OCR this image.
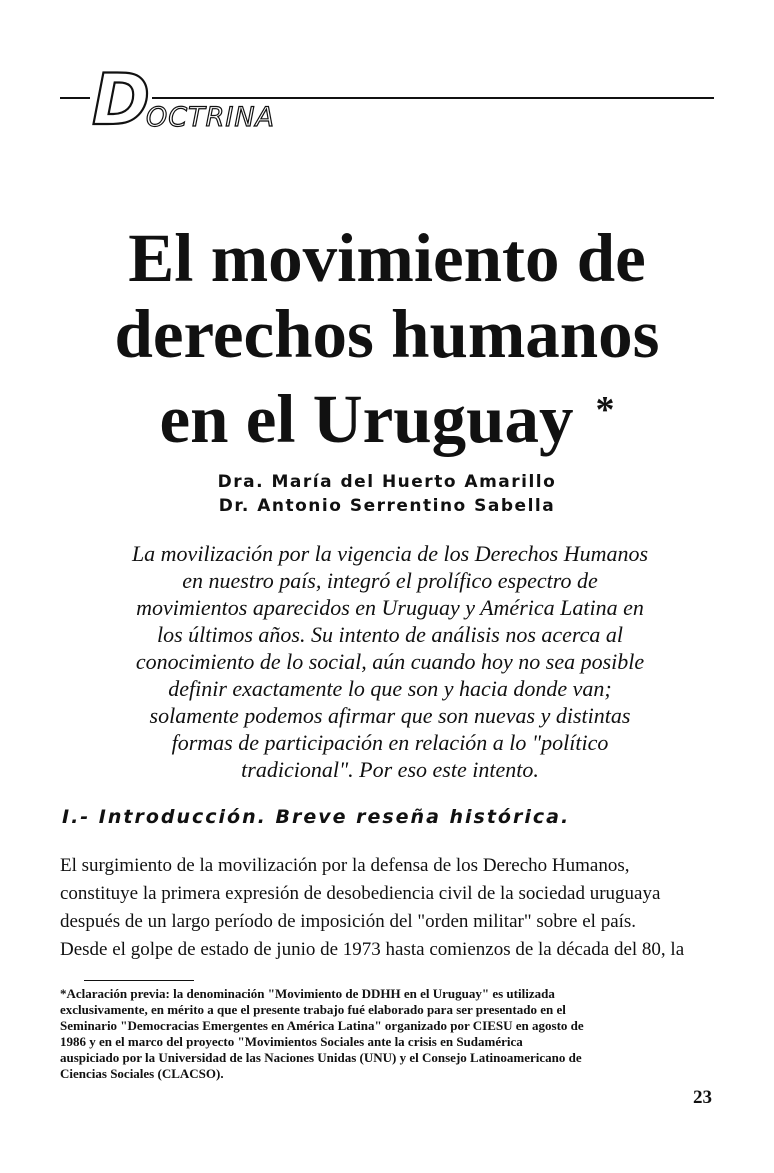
D
OCTRINA
El movimiento de
derechos humanos
en el Uruguay *
Dra. María del Huerto Amarillo
Dr. Antonio Serrentino Sabella
La movilización por la vigencia de los Derechos Humanos
en nuestro país, integró el prolífico espectro de
movimientos aparecidos en Uruguay y América Latina en
los últimos años. Su intento de análisis nos acerca al
conocimiento de lo social, aún cuando hoy no sea posible
definir exactamente lo que son y hacia donde van;
solamente podemos afirmar que son nuevas y distintas
formas de participación en relación a lo "político
tradicional". Por eso este intento.
I.- Introducción. Breve reseña histórica.
El surgimiento de la movilización por la defensa de los Derecho Humanos,
constituye la primera expresión de desobediencia civil de la sociedad uruguaya
después de un largo período de imposición del "orden militar" sobre el país.
Desde el golpe de estado de junio de 1973 hasta comienzos de la década del 80, la
*Aclaración previa: la denominación "Movimiento de DDHH en el Uruguay" es utilizada
exclusivamente, en mérito a que el presente trabajo fué elaborado para ser presentado en el
Seminario "Democracias Emergentes en América Latina" organizado por CIESU en agosto de
1986 y en el marco del proyecto "Movimientos Sociales ante la crisis en Sudamérica
auspiciado por la Universidad de las Naciones Unidas (UNU) y el Consejo Latinoamericano de
Ciencias Sociales (CLACSO).
23
